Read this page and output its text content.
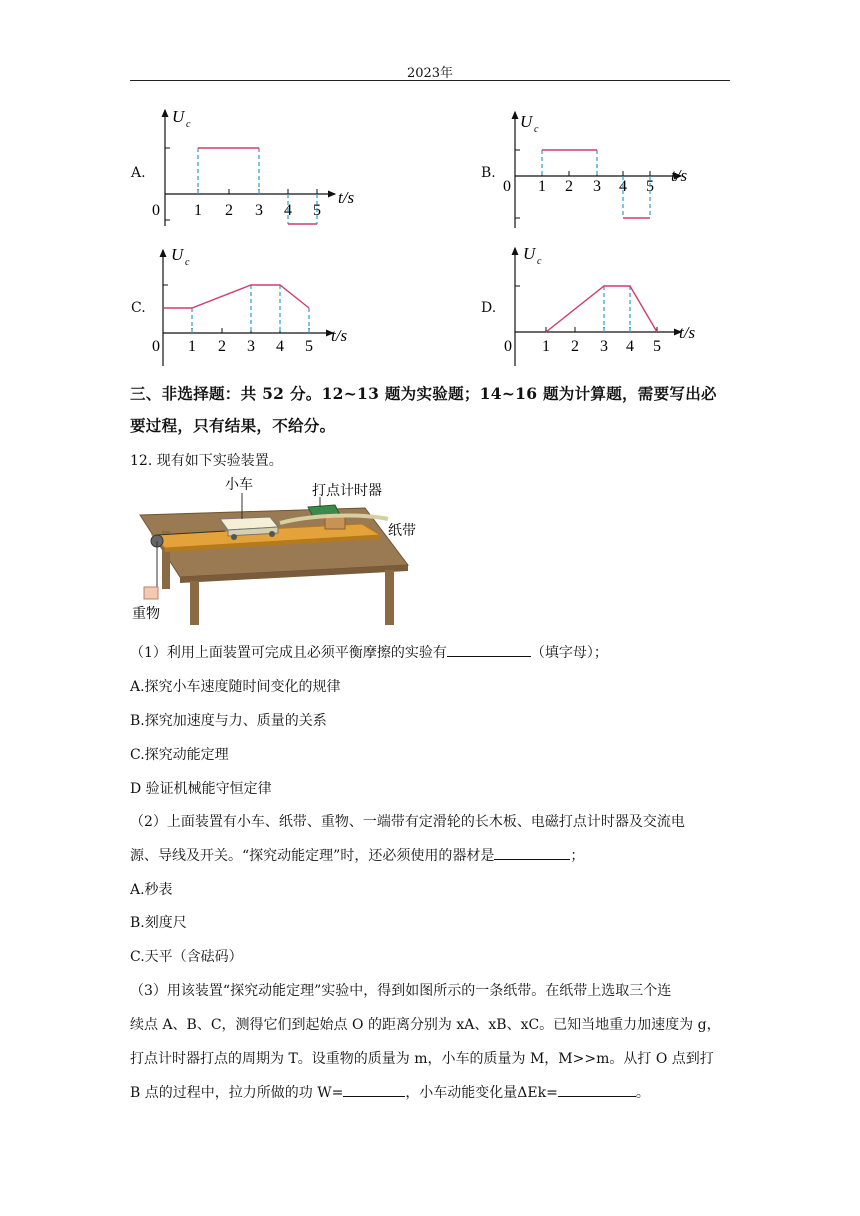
2023年
A.	B.
C.	D.
U c
t/s
0 1 2 3 4 5
U c
t/s
0 1 2 3 4 5
U c
t/s
0 1 2 3 4 5
U c
t/s
0 1 2 3 4 5
三、非选择题：共 52 分。12~13 题为实验题；14~16 题为计算题，需要写出必
要过程，只有结果，不给分。
12. 现有如下实验装置。
小车	打点计时器
纸带
重物
（1）利用上面装置可完成且必须平衡摩擦的实验有	（填字母）；
A.探究小车速度随时间变化的规律
B.探究加速度与力、质量的关系
C.探究动能定理
D 验证机械能守恒定律
（2）上面装置有小车、纸带、重物、一端带有定滑轮的长木板、电磁打点计时器及交流电
源、导线及开关。“探究动能定理”时，还必须使用的器材是	；
A.秒表
B.刻度尺
C.天平（含砝码）
（3）用该装置“探究动能定理”实验中，得到如图所示的一条纸带。在纸带上选取三个连
续点 A、B、C，测得它们到起始点 O 的距离分别为 xA、xB、xC。已知当地重力加速度为 g，
打点计时器打点的周期为 T。设重物的质量为 m，小车的质量为 M，M>>m。从打 O 点到打
B 点的过程中，拉力所做的功 W=	，小车动能变化量ΔEk=	。
